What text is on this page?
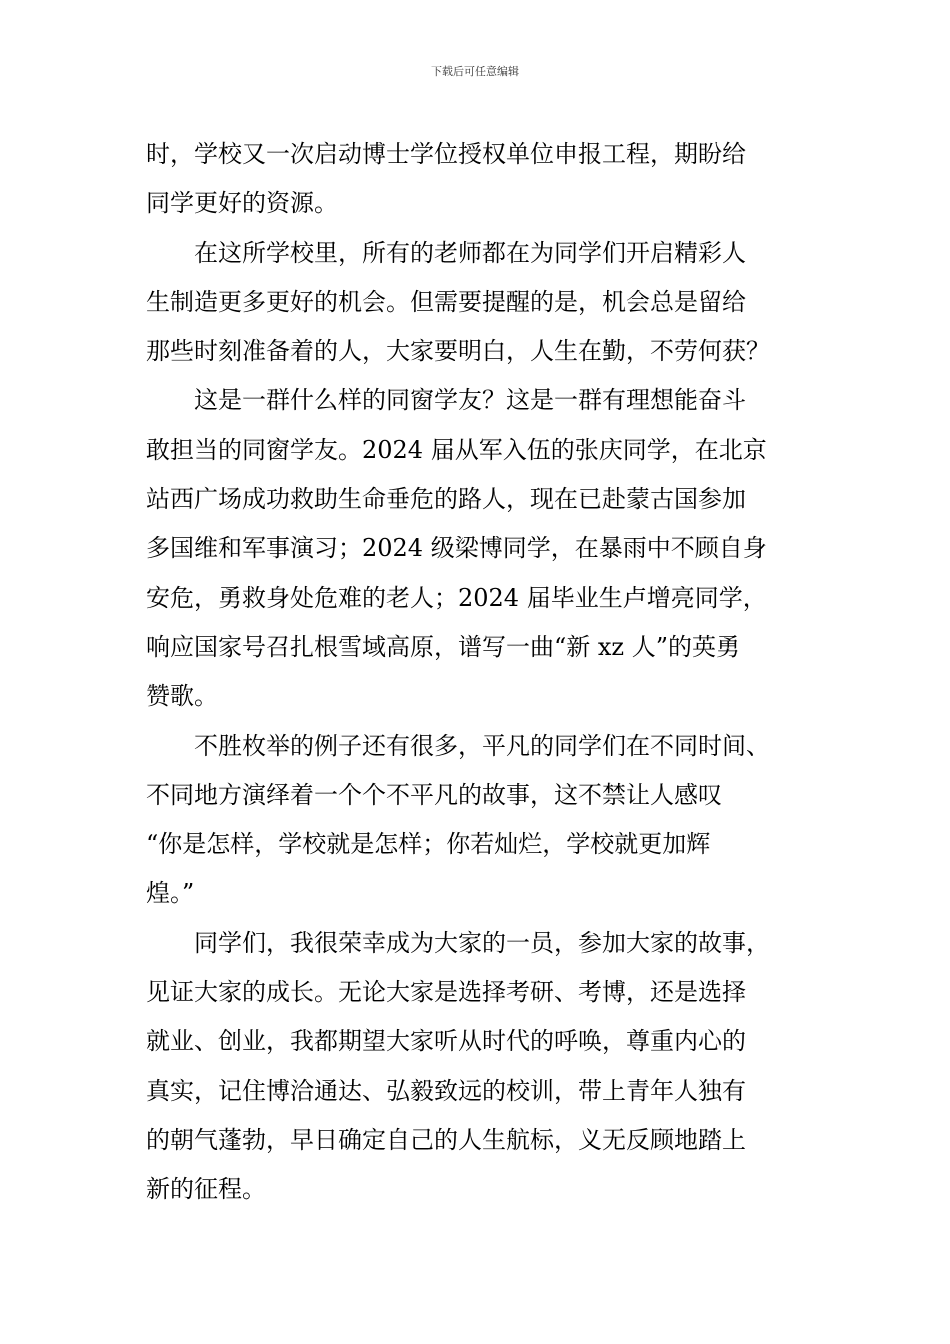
下载后可任意编辑
时，学校又一次启动博士学位授权单位申报工程，期盼给
同学更好的资源。
在这所学校里，所有的老师都在为同学们开启精彩人
生制造更多更好的机会。但需要提醒的是，机会总是留给
那些时刻准备着的人，大家要明白，人生在勤，不劳何获？
这是一群什么样的同窗学友？这是一群有理想能奋斗
敢担当的同窗学友。2024 届从军入伍的张庆同学，在北京
站西广场成功救助生命垂危的路人，现在已赴蒙古国参加
多国维和军事演习；2024 级梁博同学，在暴雨中不顾自身
安危，勇救身处危难的老人；2024 届毕业生卢增亮同学，
响应国家号召扎根雪域高原，谱写一曲“新 xz 人”的英勇
赞歌。
不胜枚举的例子还有很多，平凡的同学们在不同时间、
不同地方演绎着一个个不平凡的故事，这不禁让人感叹
“你是怎样，学校就是怎样；你若灿烂，学校就更加辉
煌。”
同学们，我很荣幸成为大家的一员，参加大家的故事，
见证大家的成长。无论大家是选择考研、考博，还是选择
就业、创业，我都期望大家听从时代的呼唤，尊重内心的
真实，记住博洽通达、弘毅致远的校训，带上青年人独有
的朝气蓬勃，早日确定自己的人生航标，义无反顾地踏上
新的征程。
